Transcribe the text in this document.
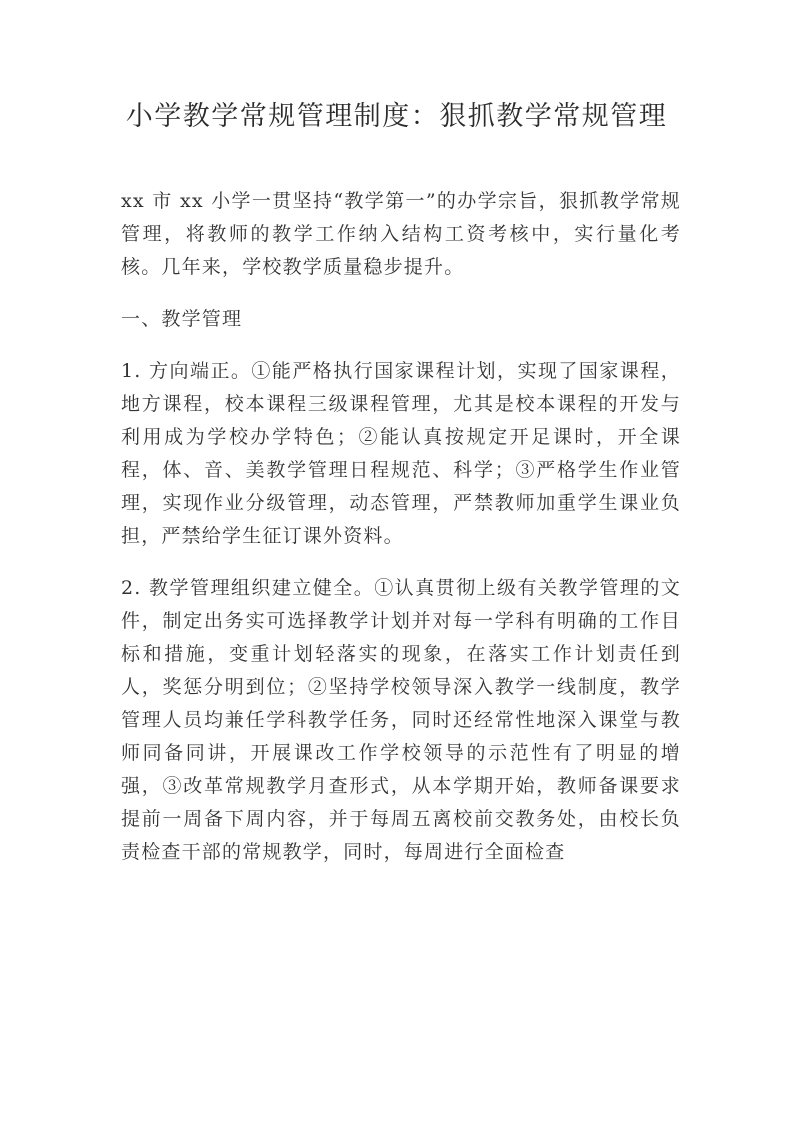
小学教学常规管理制度：狠抓教学常规管理

xx 市 xx 小学一贯坚持“教学第一”的办学宗旨，狠抓教学常规管理，将教师的教学工作纳入结构工资考核中，实行量化考核。几年来，学校教学质量稳步提升。

一、教学管理

1. 方向端正。①能严格执行国家课程计划，实现了国家课程，地方课程，校本课程三级课程管理，尤其是校本课程的开发与利用成为学校办学特色；②能认真按规定开足课时，开全课程，体、音、美教学管理日程规范、科学；③严格学生作业管理，实现作业分级管理，动态管理，严禁教师加重学生课业负担，严禁给学生征订课外资料。

2. 教学管理组织建立健全。①认真贯彻上级有关教学管理的文件，制定出务实可选择教学计划并对每一学科有明确的工作目标和措施，变重计划轻落实的现象，在落实工作计划责任到人，奖惩分明到位；②坚持学校领导深入教学一线制度，教学管理人员均兼任学科教学任务，同时还经常性地深入课堂与教师同备同讲，开展课改工作学校领导的示范性有了明显的增强，③改革常规教学月查形式，从本学期开始，教师备课要求提前一周备下周内容，并于每周五离校前交教务处，由校长负责检查干部的常规教学，同时，每周进行全面检查
